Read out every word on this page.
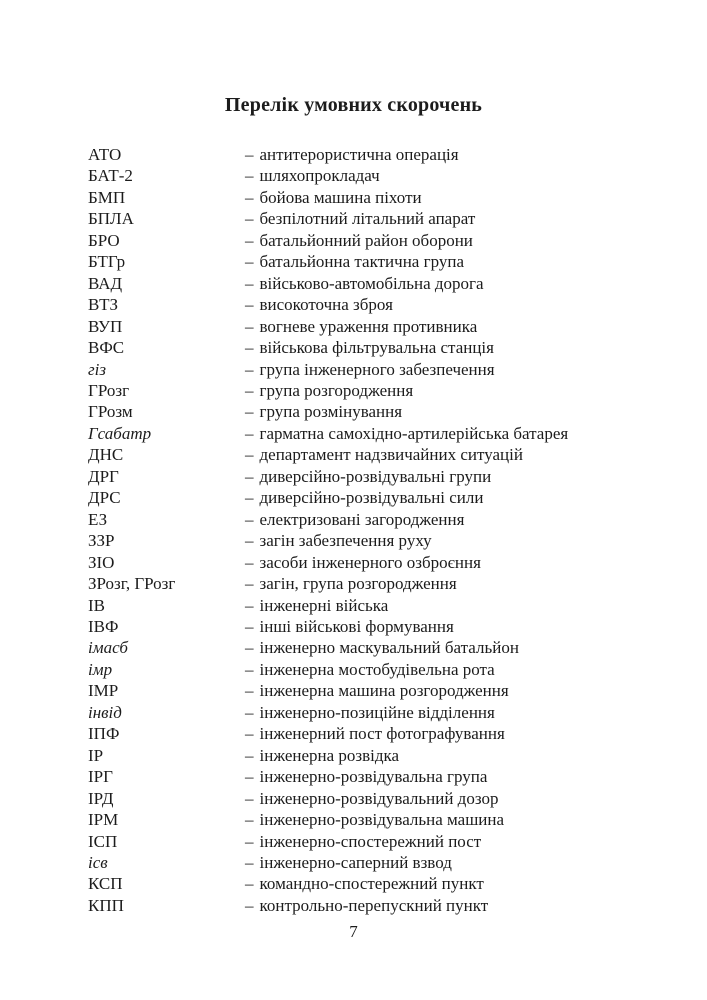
Перелік умовних скорочень
АТО	– антитерористична операція
БАТ-2	– шляхопрокладач
БМП	– бойова машина піхоти
БПЛА	– безпілотний літальний апарат
БРО	– батальйонний район оборони
БТГр	– батальйонна тактична група
ВАД	– військово-автомобільна дорога
ВТЗ	– високоточна зброя
ВУП	– вогневе ураження противника
ВФС	– військова фільтрувальна станція
гіз	– група інженерного забезпечення
ГРозг	– група розгородження
ГРозм	– група розмінування
Гсабатр	– гарматна самохідно-артилерійська батарея
ДНС	– департамент надзвичайних ситуацій
ДРГ	– диверсійно-розвідувальні групи
ДРС	– диверсійно-розвідувальні сили
ЕЗ	– електризовані загородження
ЗЗР	– загін забезпечення руху
ЗІО	– засоби інженерного озброєння
ЗРозг, ГРозг	– загін, група розгородження
ІВ	– інженерні війська
ІВФ	– інші військові формування
імасб	– інженерно маскувальний батальйон
імр	– інженерна мостобудівельна рота
ІМР	– інженерна машина розгородження
інвід	– інженерно-позиційне відділення
ІПФ	– інженерний пост фотографування
ІР	– інженерна розвідка
ІРГ	– інженерно-розвідувальна група
ІРД	– інженерно-розвідувальний дозор
ІРМ	– інженерно-розвідувальна машина
ІСП	– інженерно-спостережний пост
ісв	– інженерно-саперний взвод
КСП	– командно-спостережний пункт
КПП	– контрольно-перепускний пункт
7
